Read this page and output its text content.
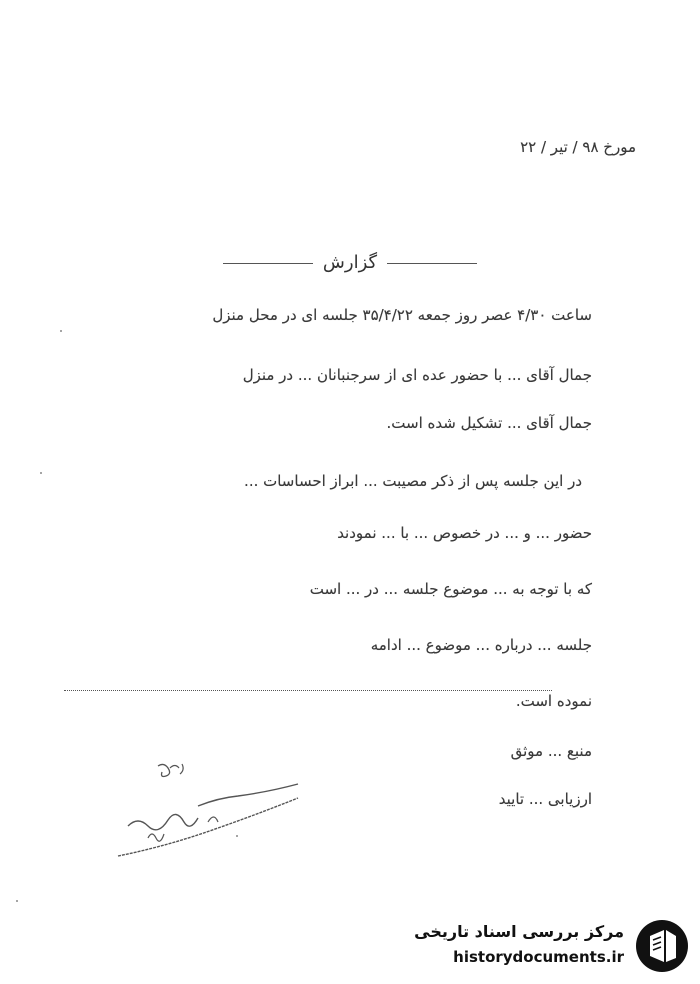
مورخ ۹۸ / تیر / ۲۲
گزارش
ساعت ۴/۳۰ عصر روز جمعه ۳۵/۴/۲۲ جلسه ای در محل منزل
جمال آقای ... با حضور عده ای از سرجنبانان ... در منزل
جمال آقای ... تشکیل شده است.
در این جلسه پس از ذکر مصیبت ... ابراز احساسات ...
حضور ... و ... در خصوص ... با ... نمودند
که با توجه به ... موضوع جلسه ... در ... است
جلسه ... درباره ... موضوع ... ادامه
نموده است.
منبع ... موثق
ارزیابی ... تایید
مرکز بررسی اسناد تاریخی
historydocuments.ir
